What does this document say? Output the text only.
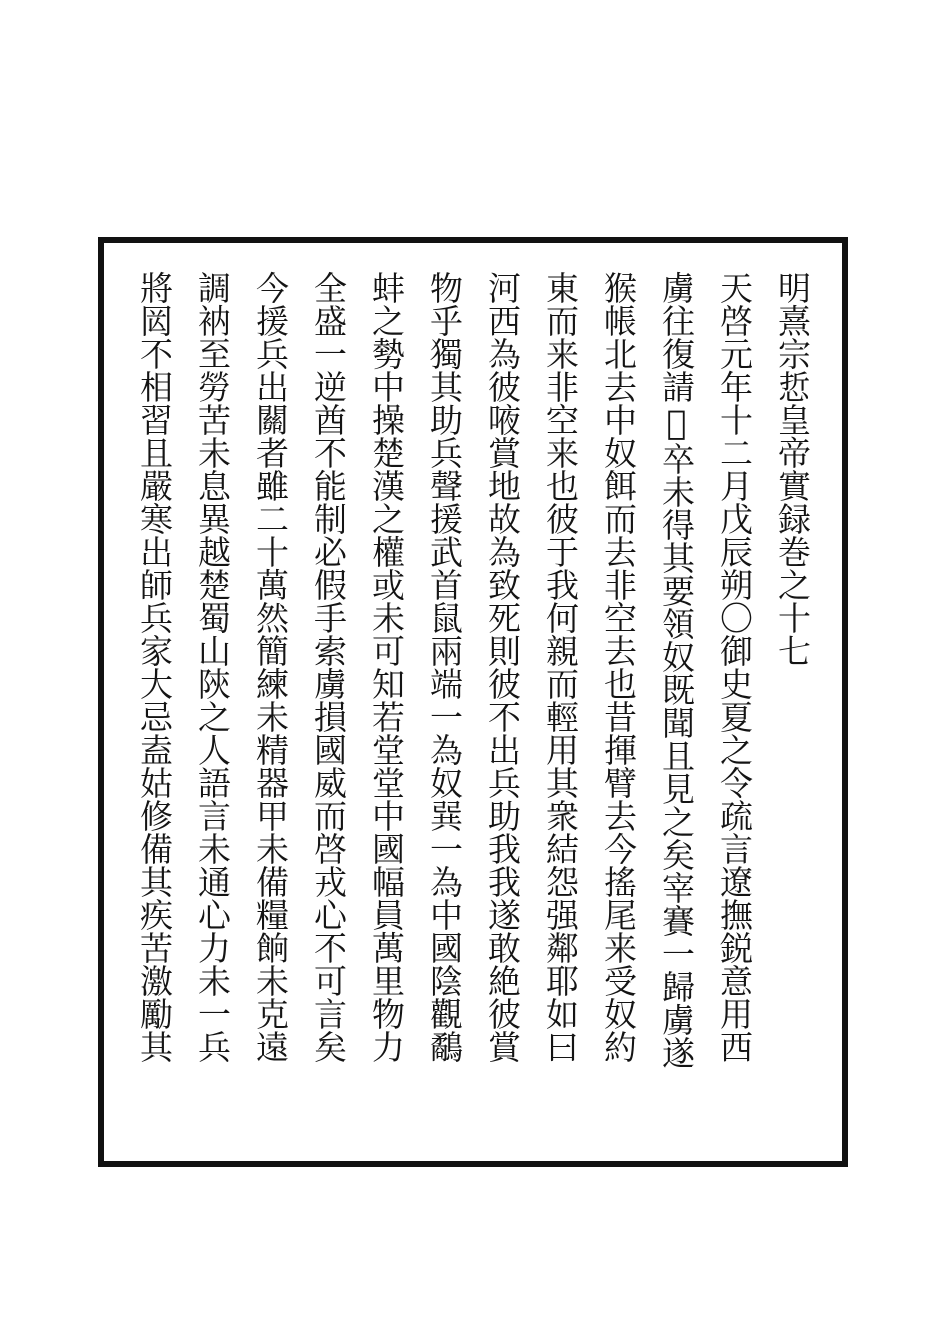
明熹宗悊皇帝實録巻之十七
天啓元年十二月戊辰朔〇御史夏之令疏言遼撫鋭意用西
虜往復請𥪡卒未得其要領奴既聞且見之矣宰賽一歸虜遂
猴帳北去中奴餌而去非空去也昔揮臂去今搖尾来受奴約
東而来非空来也彼于我何親而輕用其衆結怨强鄰耶如曰
河西為彼㖡賞地故為致死則彼不出兵助我我遂敢絶彼賞
物乎獨其助兵聲援武首鼠兩端一為奴𢁉一為中國陰觀鷸
蚌之勢中操楚漢之權或未可知若堂堂中國幅員萬里物力
全盛一逆酋不能制必假手索虜損國威而啓戎心不可言矣
今援兵出關者雖二十萬然簡練未精器甲未備糧餉未克遠
調衲至勞苦未息異越楚蜀山陝之人語言未通心力未一兵
將㒺不相習且嚴寒出師兵家大忌盍姑修備其疾苦激勵其
